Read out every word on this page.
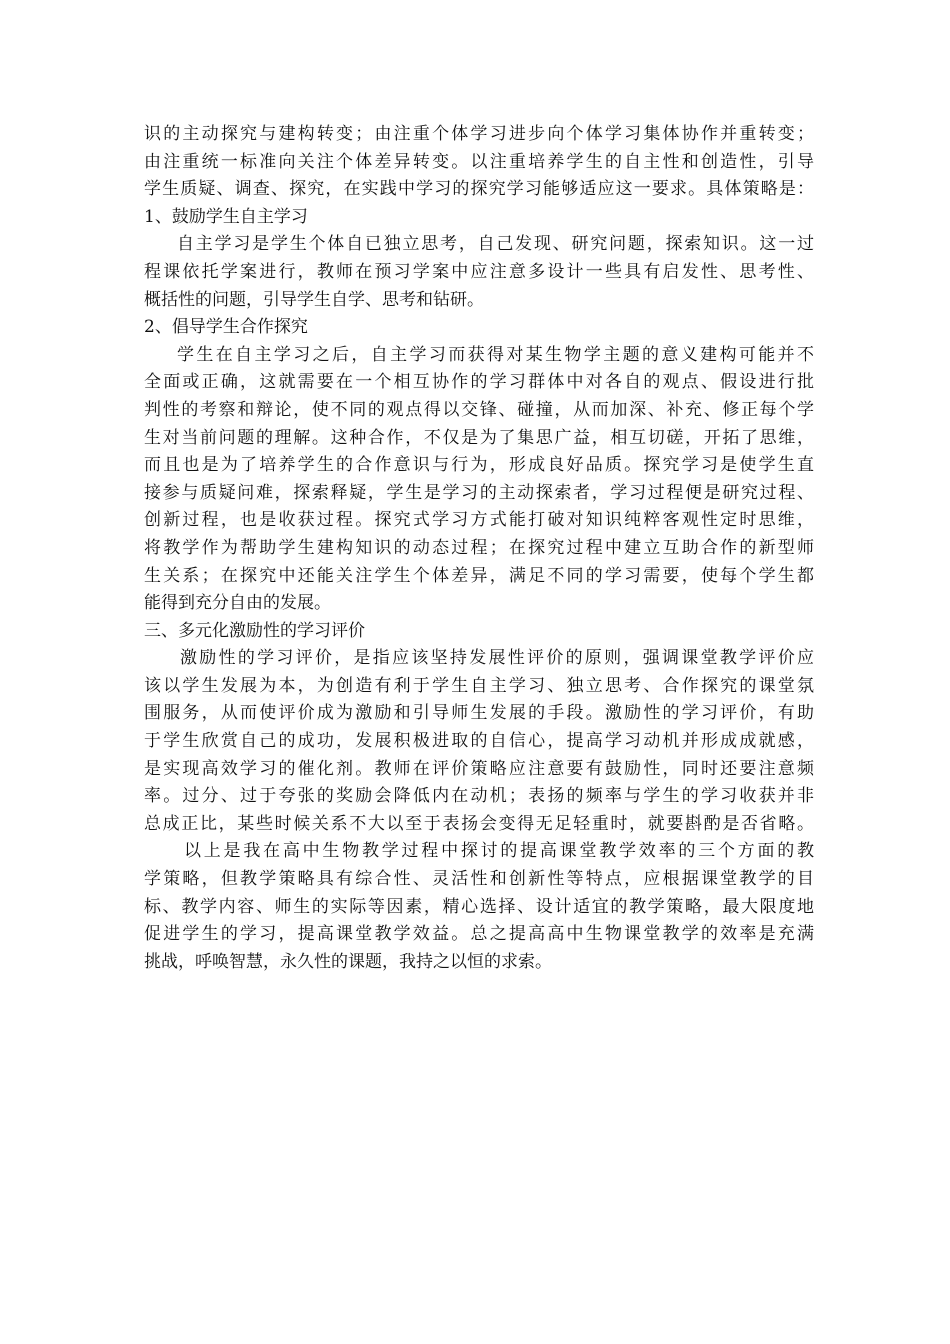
识的主动探究与建构转变；由注重个体学习进步向个体学习集体协作并重转变；
由注重统一标准向关注个体差异转变。以注重培养学生的自主性和创造性，引导
学生质疑、调查、探究，在实践中学习的探究学习能够适应这一要求。具体策略是：
1、鼓励学生自主学习
自主学习是学生个体自已独立思考，自己发现、研究问题，探索知识。这一过
程课依托学案进行，教师在预习学案中应注意多设计一些具有启发性、思考性、
概括性的问题，引导学生自学、思考和钻研。
2、倡导学生合作探究
学生在自主学习之后，自主学习而获得对某生物学主题的意义建构可能并不
全面或正确，这就需要在一个相互协作的学习群体中对各自的观点、假设进行批
判性的考察和辩论，使不同的观点得以交锋、碰撞，从而加深、补充、修正每个学
生对当前问题的理解。这种合作，不仅是为了集思广益，相互切磋，开拓了思维，
而且也是为了培养学生的合作意识与行为，形成良好品质。探究学习是使学生直
接参与质疑问难，探索释疑，学生是学习的主动探索者，学习过程便是研究过程、
创新过程，也是收获过程。探究式学习方式能打破对知识纯粹客观性定时思维，
将教学作为帮助学生建构知识的动态过程；在探究过程中建立互助合作的新型师
生关系；在探究中还能关注学生个体差异，满足不同的学习需要，使每个学生都
能得到充分自由的发展。
三、多元化激励性的学习评价
激励性的学习评价，是指应该坚持发展性评价的原则，强调课堂教学评价应
该以学生发展为本，为创造有利于学生自主学习、独立思考、合作探究的课堂氛
围服务，从而使评价成为激励和引导师生发展的手段。激励性的学习评价，有助
于学生欣赏自己的成功，发展积极进取的自信心，提高学习动机并形成成就感，
是实现高效学习的催化剂。教师在评价策略应注意要有鼓励性，同时还要注意频
率。过分、过于夸张的奖励会降低内在动机；表扬的频率与学生的学习收获并非
总成正比，某些时候关系不大以至于表扬会变得无足轻重时，就要斟酌是否省略。
以上是我在高中生物教学过程中探讨的提高课堂教学效率的三个方面的教
学策略，但教学策略具有综合性、灵活性和创新性等特点，应根据课堂教学的目
标、教学内容、师生的实际等因素，精心选择、设计适宜的教学策略，最大限度地
促进学生的学习，提高课堂教学效益。总之提高高中生物课堂教学的效率是充满
挑战，呼唤智慧，永久性的课题，我持之以恒的求索。
